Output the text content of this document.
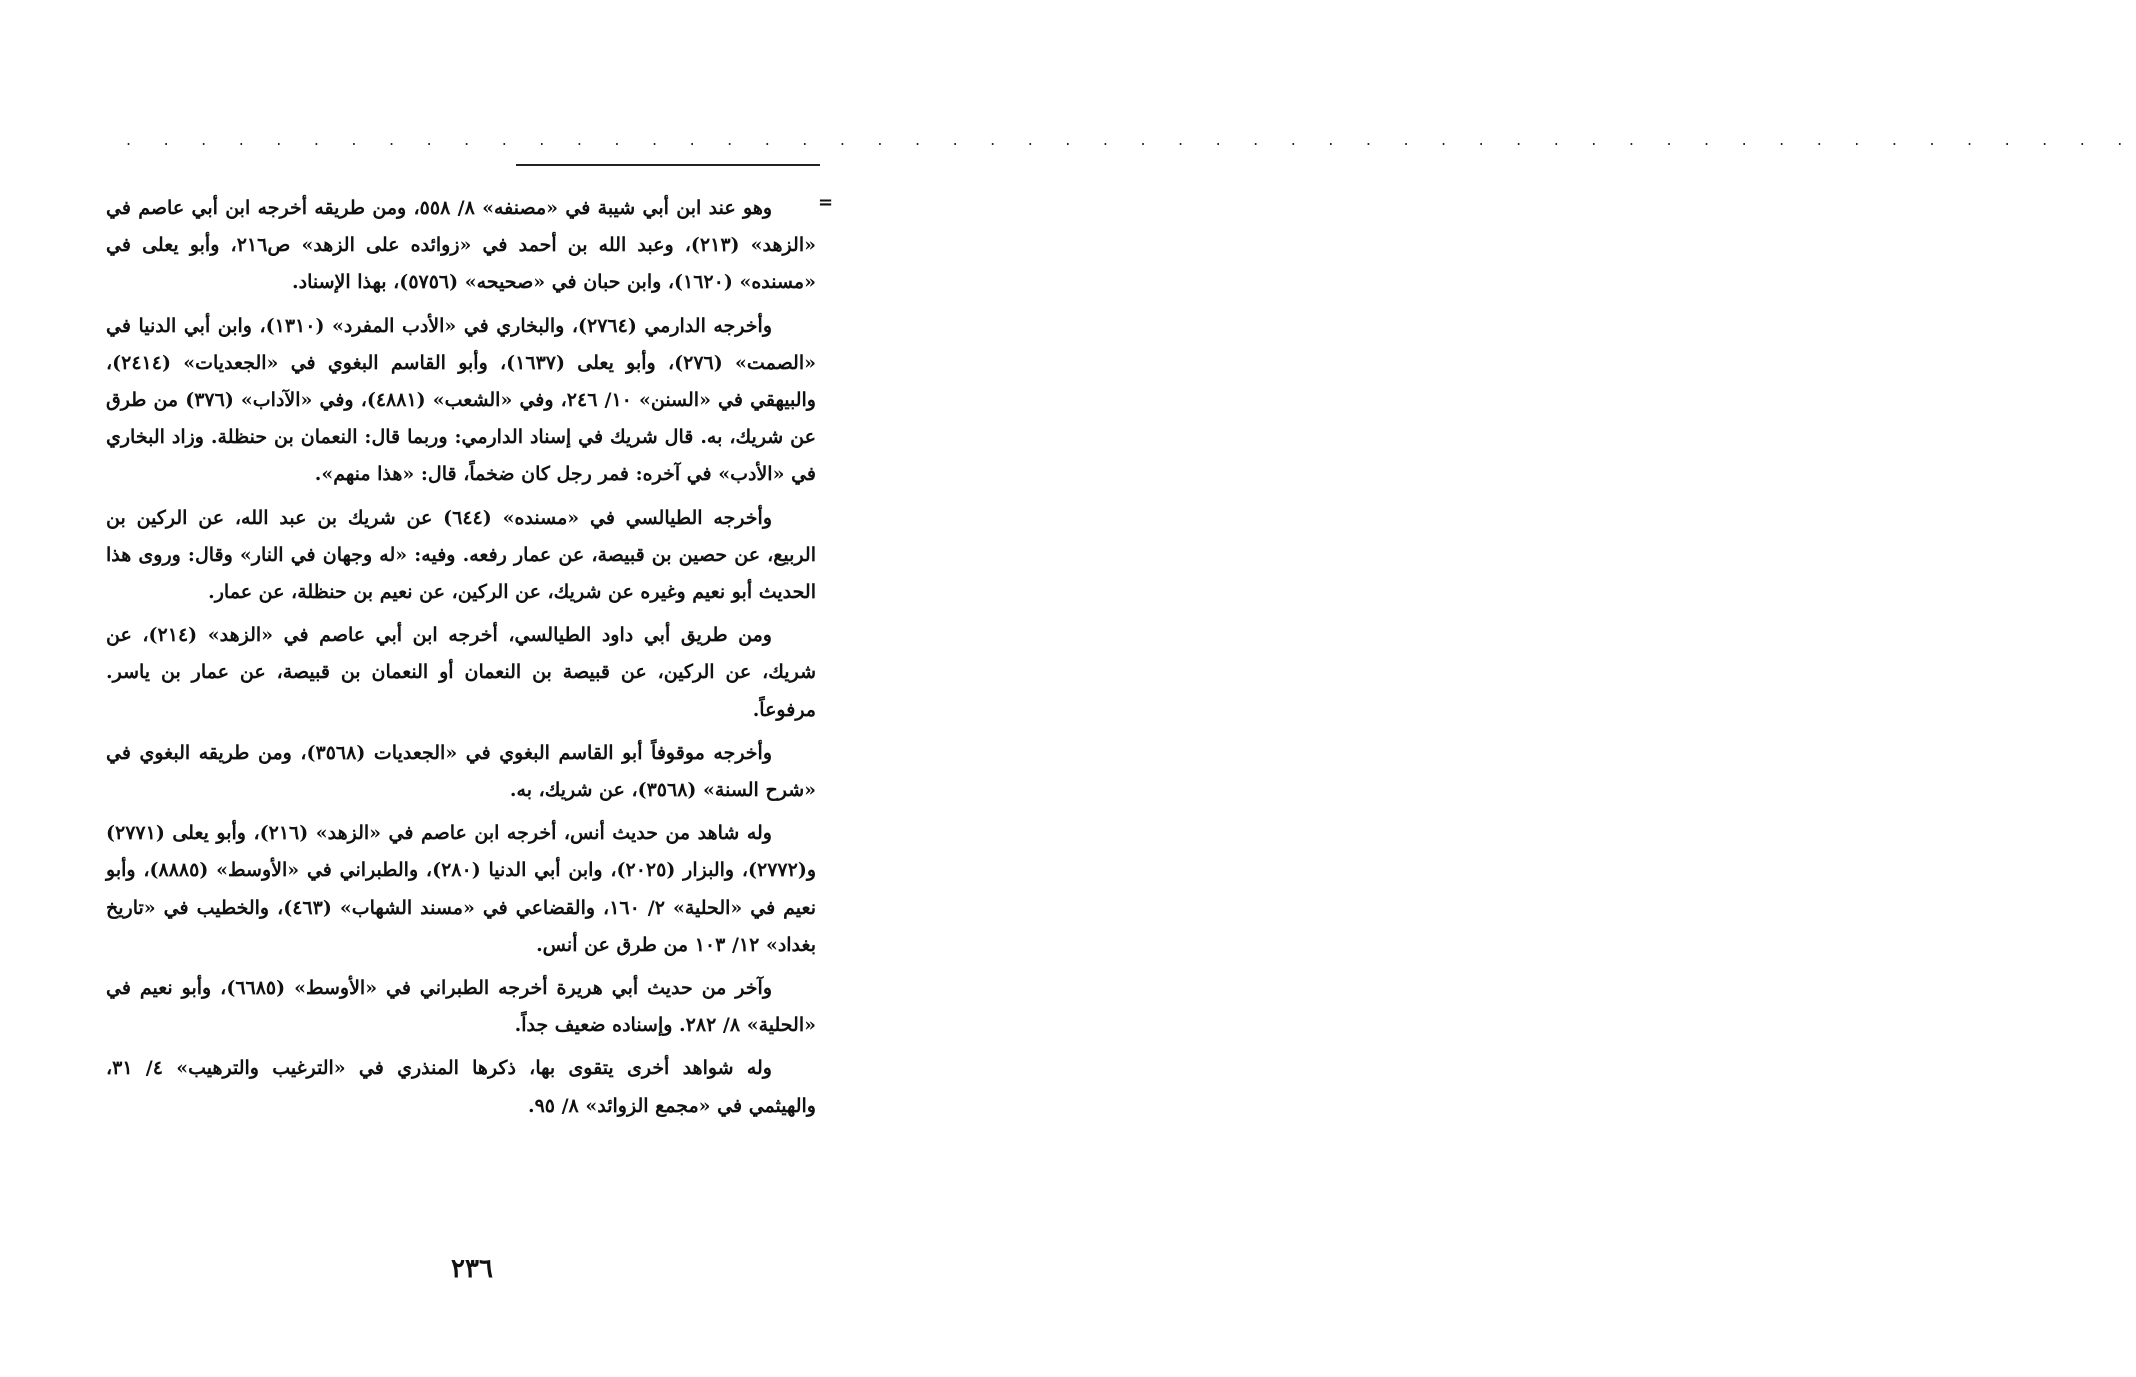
. . . . . . . . . . . . . . . . . . . . . . . . . . . . . . . . . . . . . . . . . . . . . . . . . . . . . .
=

وهو عند ابن أبي شيبة في «مصنفه» ٨/ ٥٥٨، ومن طريقه أخرجه ابن أبي عاصم في «الزهد» (٢١٣)، وعبد الله بن أحمد في «زوائده على الزهد» ص٢١٦، وأبو يعلى في «مسنده» (١٦٢٠)، وابن حبان في «صحيحه» (٥٧٥٦)، بهذا الإسناد.

وأخرجه الدارمي (٢٧٦٤)، والبخاري في «الأدب المفرد» (١٣١٠)، وابن أبي الدنيا في «الصمت» (٢٧٦)، وأبو يعلى (١٦٣٧)، وأبو القاسم البغوي في «الجعديات» (٢٤١٤)، والبيهقي في «السنن» ١٠/ ٢٤٦، وفي «الشعب» (٤٨٨١)، وفي «الآداب» (٣٧٦) من طرق عن شريك، به. قال شريك في إسناد الدارمي: وربما قال: النعمان بن حنظلة. وزاد البخاري في «الأدب» في آخره: فمر رجل كان ضخماً، قال: «هذا منهم».

وأخرجه الطيالسي في «مسنده» (٦٤٤) عن شريك بن عبد الله، عن الركين بن الربيع، عن حصين بن قبيصة، عن عمار رفعه. وفيه: «له وجهان في النار» وقال: وروى هذا الحديث أبو نعيم وغيره عن شريك، عن الركين، عن نعيم بن حنظلة، عن عمار.

ومن طريق أبي داود الطيالسي، أخرجه ابن أبي عاصم في «الزهد» (٢١٤)، عن شريك، عن الركين، عن قبيصة بن النعمان أو النعمان بن قبيصة، عن عمار بن ياسر. مرفوعاً.

وأخرجه موقوفاً أبو القاسم البغوي في «الجعديات (٣٥٦٨)، ومن طريقه البغوي في «شرح السنة» (٣٥٦٨)، عن شريك، به.

وله شاهد من حديث أنس، أخرجه ابن عاصم في «الزهد» (٢١٦)، وأبو يعلى (٢٧٧١) و(٢٧٧٢)، والبزار (٢٠٢٥)، وابن أبي الدنيا (٢٨٠)، والطبراني في «الأوسط» (٨٨٨٥)، وأبو نعيم في «الحلية» ٢/ ١٦٠، والقضاعي في «مسند الشهاب» (٤٦٣)، والخطيب في «تاريخ بغداد» ١٢/ ١٠٣ من طرق عن أنس.

وآخر من حديث أبي هريرة أخرجه الطبراني في «الأوسط» (٦٦٨٥)، وأبو نعيم في «الحلية» ٨/ ٢٨٢. وإسناده ضعيف جداً.

وله شواهد أخرى يتقوى بها، ذكرها المنذري في «الترغيب والترهيب» ٤/ ٣١، والهيثمي في «مجمع الزوائد» ٨/ ٩٥.

٢٣٦
